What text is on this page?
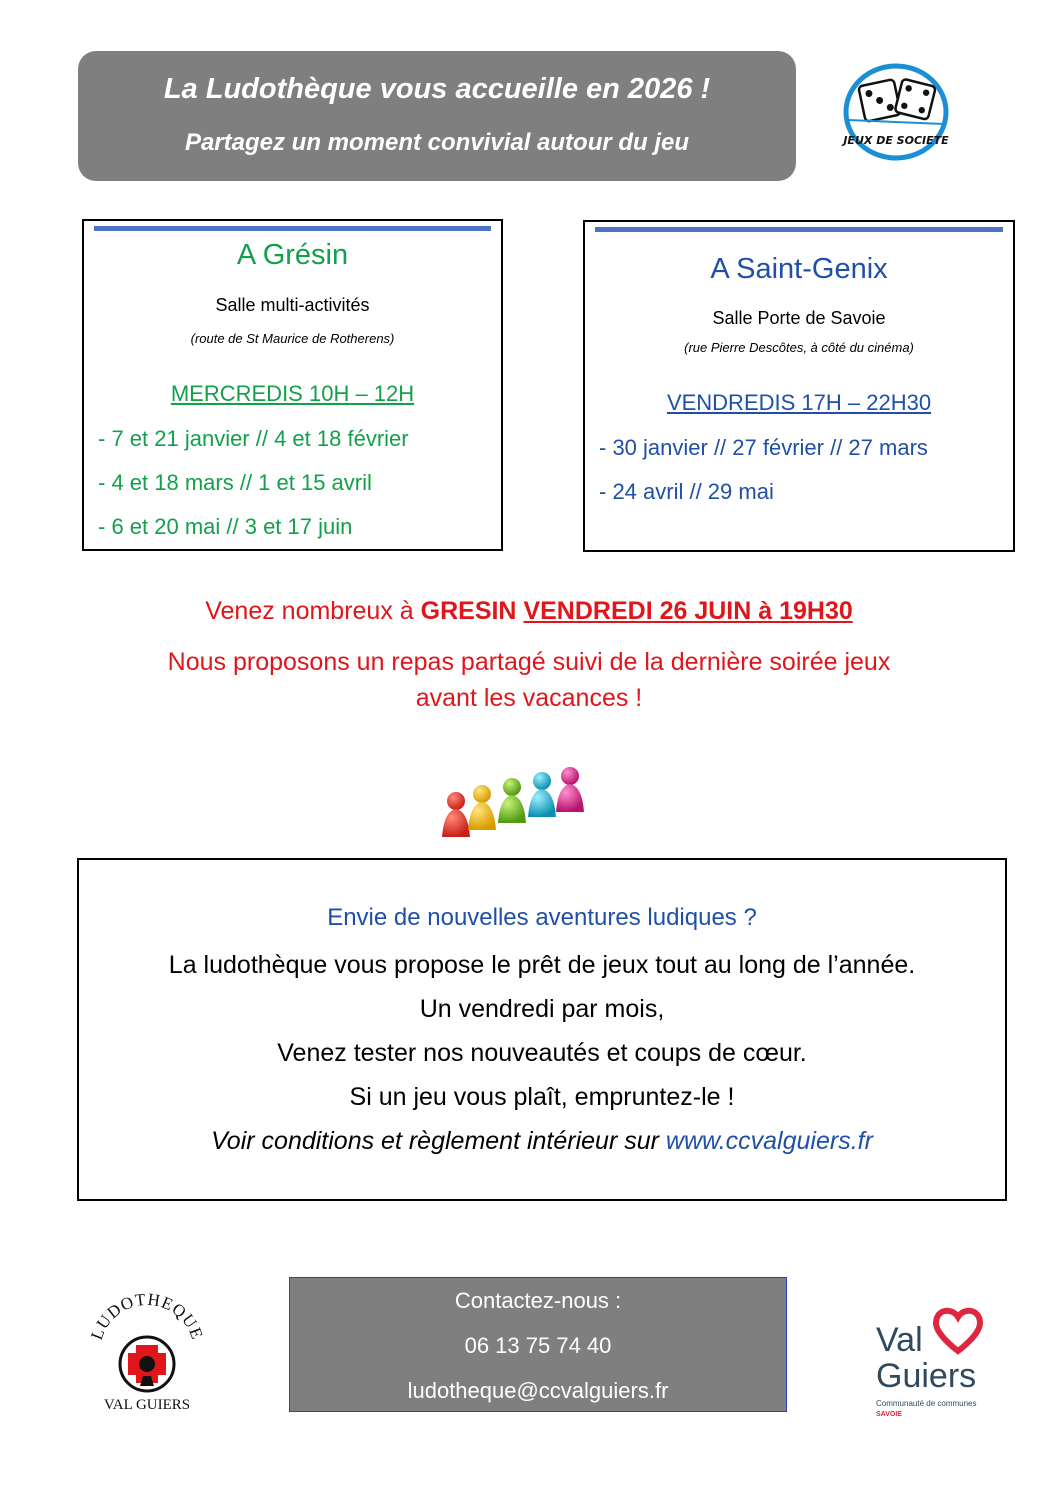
La Ludothèque vous accueille en 2026 !
Partagez un moment convivial autour du jeu	JEUX DE SOCIETE
A Grésin
Salle multi-activités
(route de St Maurice de Rotherens)
MERCREDIS 10H – 12H
- 7 et 21 janvier // 4 et 18 février
- 4 et 18 mars // 1 et 15 avril
- 6 et 20 mai // 3 et 17 juin
A Saint-Genix
Salle Porte de Savoie
(rue Pierre Descôtes, à côté du cinéma)
VENDREDIS 17H – 22H30
- 30 janvier // 27 février // 27 mars
- 24 avril // 29 mai
Venez nombreux à GRESIN VENDREDI 26 JUIN à 19H30
Nous proposons un repas partagé suivi de la dernière soirée jeux
avant les vacances !
Envie de nouvelles aventures ludiques ?
La ludothèque vous propose le prêt de jeux tout au long de l’année.
Un vendredi par mois,
Venez tester nos nouveautés et coups de cœur.
Si un jeu vous plaît, empruntez-le !
Voir conditions et règlement intérieur sur www.ccvalguiers.fr
LUDOTHEQUE
VAL GUIERS
Contactez-nous :
06 13 75 74 40
ludotheque@ccvalguiers.fr
Val
Guiers
Communauté de communes
SAVOIE
